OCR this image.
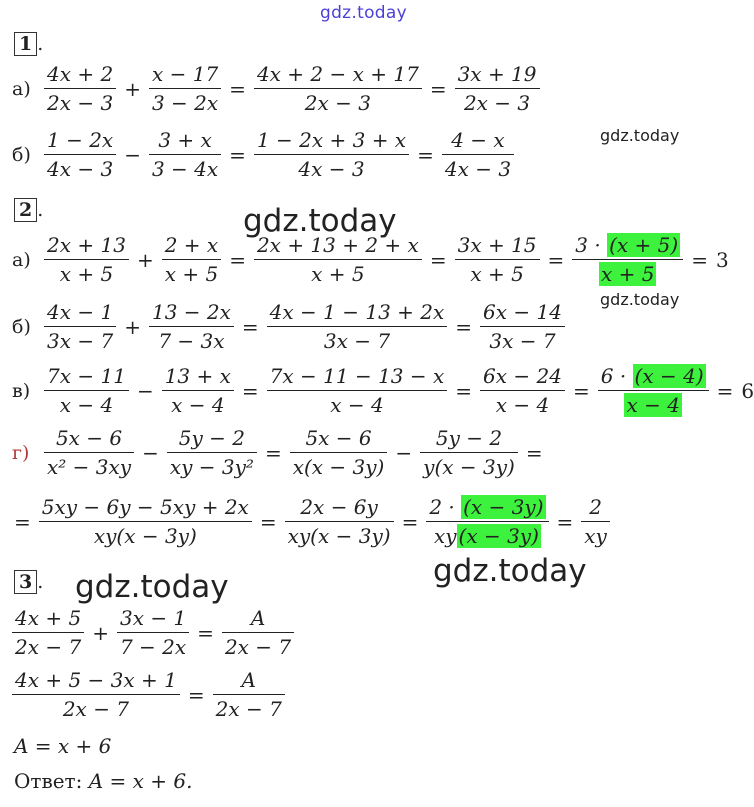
gdz.today
gdz.today
gdz.today
gdz.today
gdz.today
gdz.today
1 .
$а) \frac{4x + 2}{2x - 3} + \frac{x - 17}{3 - 2x} = \frac{4x + 2 - x + 17}{2x - 3} = \frac{3x + 19}{2x - 3}$
$б) \frac{1 - 2x}{4x - 3} - \frac{3 + x}{3 - 4x} = \frac{1 - 2x + 3 + x}{4x - 3} = \frac{4 - x}{4x - 3}$
2 .
$а) \frac{2x + 13}{x + 5} + \frac{2 + x}{x + 5} = \frac{2x + 13 + 2 + x}{x + 5} = \frac{3x + 15}{x + 5} = \frac{3 \cdot (x + 5)}{x + 5} = 3$
$б) \frac{4x - 1}{3x - 7} + \frac{13 - 2x}{7 - 3x} = \frac{4x - 1 - 13 + 2x}{3x - 7} = \frac{6x - 14}{3x - 7}$
$в) \frac{7x - 11}{x - 4} - \frac{13 + x}{x - 4} = \frac{7x - 11 - 13 - x}{x - 4} = \frac{6x - 24}{x - 4} = \frac{6 \cdot (x - 4)}{x - 4} = 6$
$г) \frac{5x - 6}{\text{x² − 3xy}} - \frac{5y - 2}{\text{xy − 3y²}} = \frac{5x - 6}{x(x - 3y)} - \frac{5y - 2}{y(x - 3y)}$ =
= $\frac{5xy - 6y - 5xy + 2x}{xy(x - 3y)} = \frac{2x - 6y}{xy(x - 3y)} = \frac{2 \cdot (x - 3y)}{xy (x - 3y)} = \frac{2}{xy}$
3 .
$\frac{4x + 5}{2x - 7} + \frac{3x - 1}{7 - 2x} = \frac{A}{2x - 7}$
$\frac{4x + 5 - 3x + 1}{2x - 7} = \frac{A}{2x - 7}$
A = x + 6
Ответ: A = x + 6.
